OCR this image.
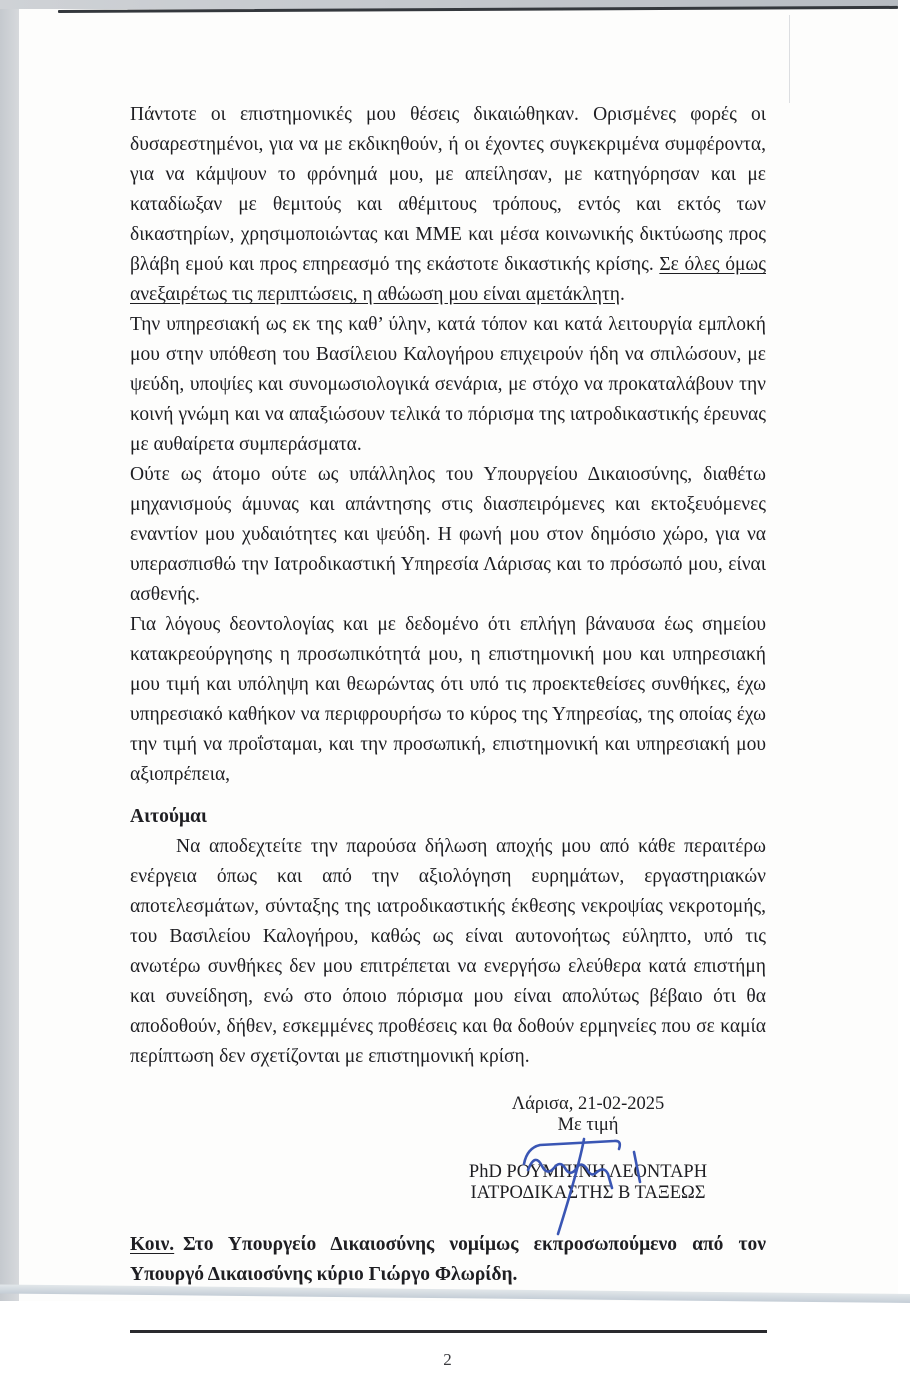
Πάντοτε οι επιστημονικές μου θέσεις δικαιώθηκαν. Ορισμένες φορές οι δυσαρεστημένοι, για να με εκδικηθούν, ή οι έχοντες συγκεκριμένα συμφέροντα, για να κάμψουν το φρόνημά μου, με απείλησαν, με κατηγόρησαν και με καταδίωξαν με θεμιτούς και αθέμιτους τρόπους, εντός και εκτός των δικαστηρίων, χρησιμοποιώντας και ΜΜΕ και μέσα κοινωνικής δικτύωσης προς βλάβη εμού και προς επηρεασμό της εκάστοτε δικαστικής κρίσης. Σε όλες όμως ανεξαιρέτως τις περιπτώσεις, η αθώωση μου είναι αμετάκλητη.

Την υπηρεσιακή ως εκ της καθ’ ύλην, κατά τόπον και κατά λειτουργία εμπλοκή μου στην υπόθεση του Βασίλειου Καλογήρου επιχειρούν ήδη να σπιλώσουν, με ψεύδη, υποψίες και συνομωσιολογικά σενάρια, με στόχο να προκαταλάβουν την κοινή γνώμη και να απαξιώσουν τελικά το πόρισμα της ιατροδικαστικής έρευνας με αυθαίρετα συμπεράσματα.

Ούτε ως άτομο ούτε ως υπάλληλος του Υπουργείου Δικαιοσύνης, διαθέτω μηχανισμούς άμυνας και απάντησης στις διασπειρόμενες και εκτοξευόμενες εναντίον μου χυδαιότητες και ψεύδη. Η φωνή μου στον δημόσιο χώρο, για να υπερασπισθώ την Ιατροδικαστική Υπηρεσία Λάρισας και το πρόσωπό μου, είναι ασθενής.

Για λόγους δεοντολογίας και με δεδομένο ότι επλήγη βάναυσα έως σημείου κατακρεούργησης η προσωπικότητά μου, η επιστημονική μου και υπηρεσιακή μου τιμή και υπόληψη και θεωρώντας ότι υπό τις προεκτεθείσες συνθήκες, έχω υπηρεσιακό καθήκον να περιφρουρήσω το κύρος της Υπηρεσίας, της οποίας έχω την τιμή να προΐσταμαι, και την προσωπική, επιστημονική και υπηρεσιακή μου αξιοπρέπεια,

Αιτούμαι

Να αποδεχτείτε την παρούσα δήλωση αποχής μου από κάθε περαιτέρω ενέργεια όπως και από την αξιολόγηση ευρημάτων, εργαστηριακών αποτελεσμάτων, σύνταξης της ιατροδικαστικής έκθεσης νεκροψίας νεκροτομής, του Βασιλείου Καλογήρου, καθώς ως είναι αυτονοήτως εύληπτο, υπό τις ανωτέρω συνθήκες δεν μου επιτρέπεται να ενεργήσω ελεύθερα κατά επιστήμη και συνείδηση, ενώ στο όποιο πόρισμα μου είναι απολύτως βέβαιο ότι θα αποδοθούν, δήθεν, εσκεμμένες προθέσεις και θα δοθούν ερμηνείες που σε καμία περίπτωση δεν σχετίζονται με επιστημονική κρίση.

Λάρισα, 21-02-2025
Με τιμή
PhD ΡΟΥΜΠΙΝΗ ΛΕΟΝΤΑΡΗ
ΙΑΤΡΟΔΙΚΑΣΤΗΣ Β ΤΑΞΕΩΣ

Κοιν. Στο Υπουργείο Δικαιοσύνης νομίμως εκπροσωπούμενο από τον Υπουργό Δικαιοσύνης κύριο Γιώργο Φλωρίδη.

2
